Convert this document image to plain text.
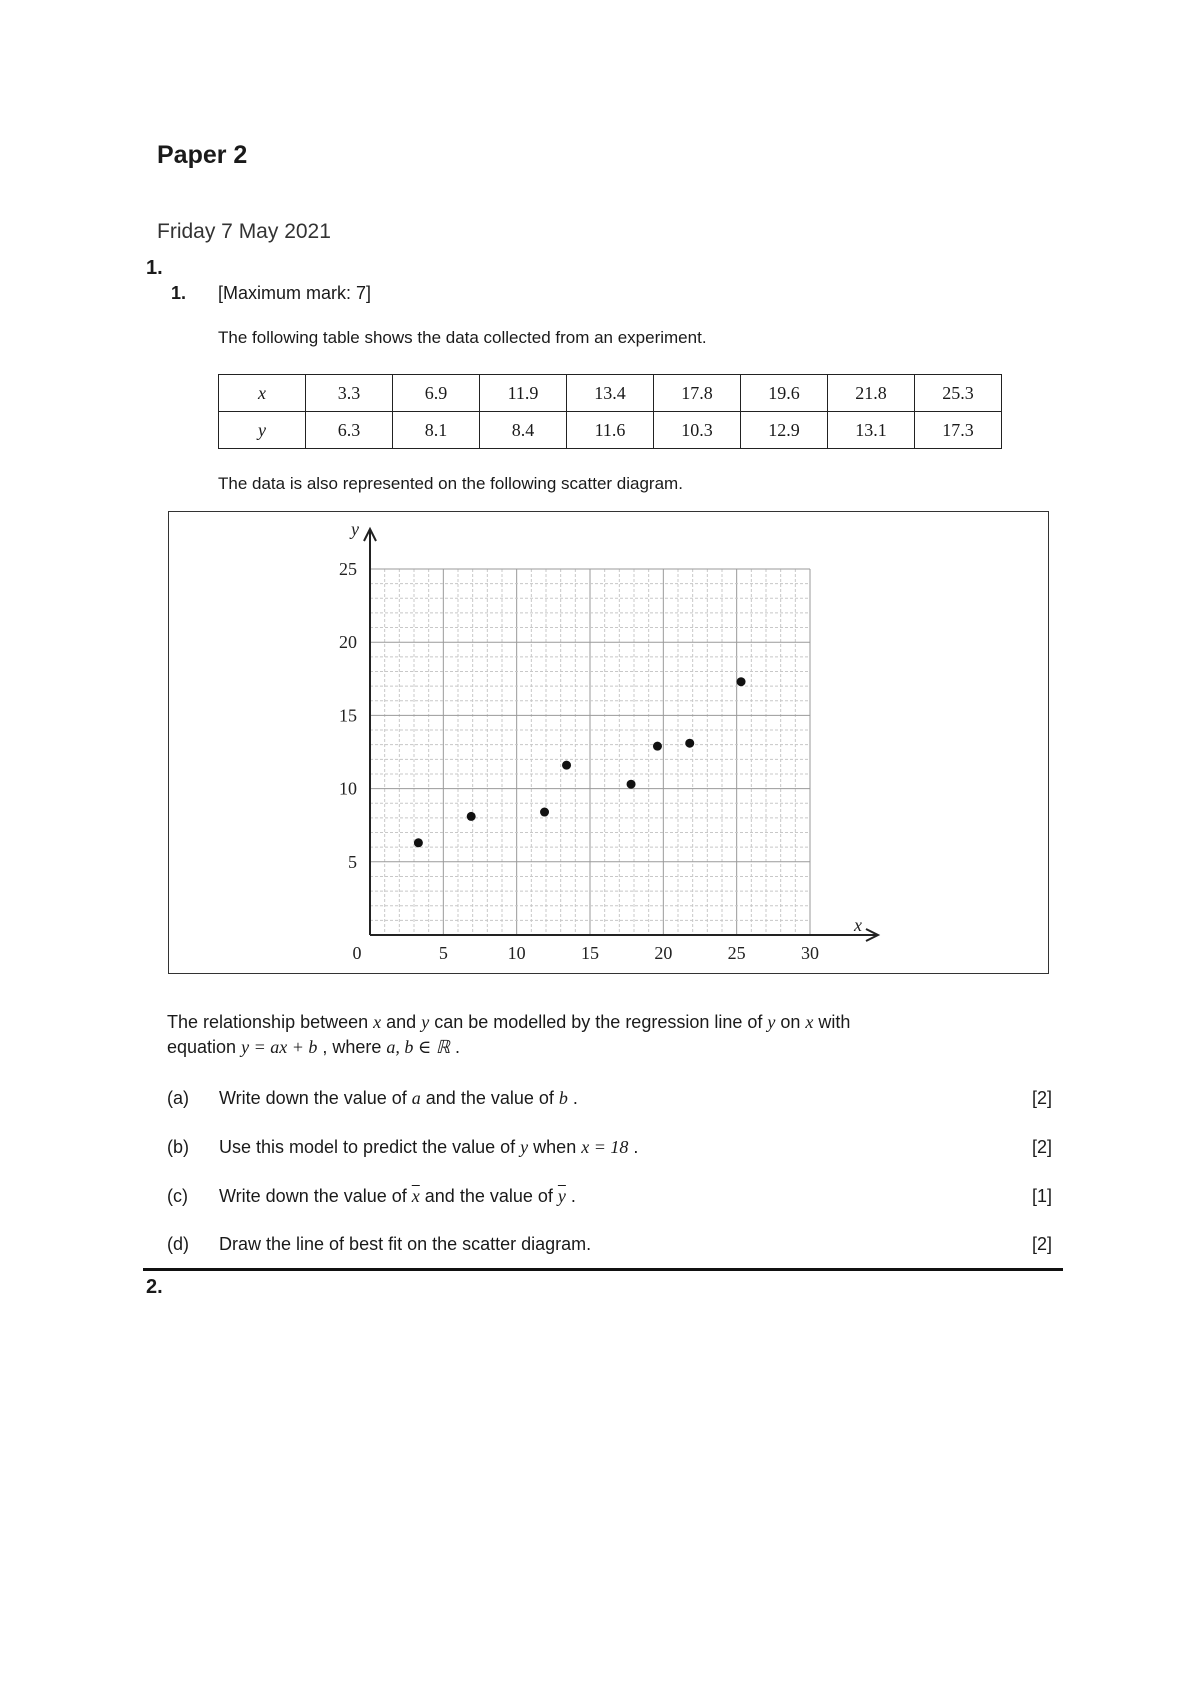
Paper 2
Friday 7 May 2021
1.
1. [Maximum mark: 7]
The following table shows the data collected from an experiment.
x	3.3	6.9	11.9	13.4	17.8	19.6	21.8	25.3
y	6.3	8.1	8.4	11.6	10.3	12.9	13.1	17.3
The data is also represented on the following scatter diagram.
0	5	10	15	20	25	30
5
10
15
20
25
x
y
The relationship between x and y can be modelled by the regression line of y on x with
equation y = ax + b , where a, b ∈ ℝ .
(a) Write down the value of a and the value of b .	[2]
(b) Use this model to predict the value of y when x = 18 .	[2]
(c) Write down the value of $\overline{x}$ and the value of $\overline{y}$ .	[1]
(d) Draw the line of best fit on the scatter diagram.	[2]
2.
